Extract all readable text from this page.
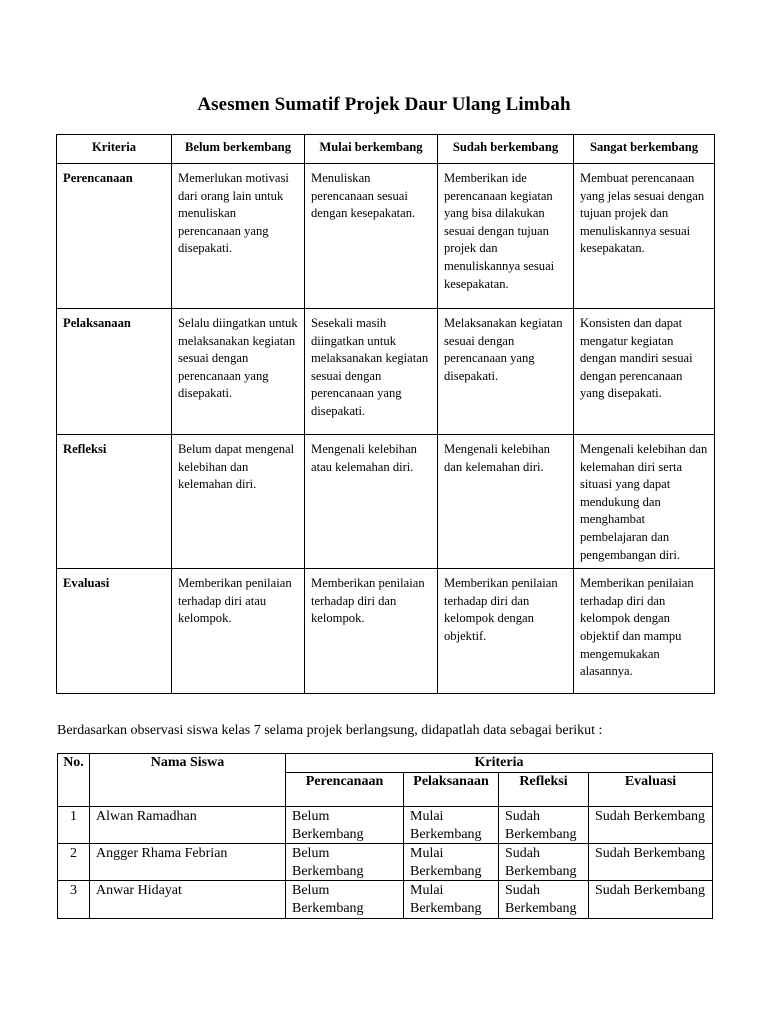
Asesmen Sumatif Projek Daur Ulang Limbah
Kriteria	Belum berkembang	Mulai berkembang	Sudah berkembang	Sangat berkembang
Perencanaan	Memerlukan motivasi dari orang lain untuk menuliskan perencanaan yang disepakati.	Menuliskan perencanaan sesuai dengan kesepakatan.	Memberikan ide perencanaan kegiatan yang bisa dilakukan sesuai dengan tujuan projek dan menuliskannya sesuai kesepakatan.	Membuat perencanaan yang jelas sesuai dengan tujuan projek dan menuliskannya sesuai kesepakatan.
Pelaksanaan	Selalu diingatkan untuk melaksanakan kegiatan sesuai dengan perencanaan yang disepakati.	Sesekali masih diingatkan untuk melaksanakan kegiatan sesuai dengan perencanaan yang disepakati.	Melaksanakan kegiatan sesuai dengan perencanaan yang disepakati.	Konsisten dan dapat mengatur kegiatan dengan mandiri sesuai dengan perencanaan yang disepakati.
Refleksi	Belum dapat mengenal kelebihan dan kelemahan diri.	Mengenali kelebihan atau kelemahan diri.	Mengenali kelebihan dan kelemahan diri.	Mengenali kelebihan dan kelemahan diri serta situasi yang dapat mendukung dan menghambat pembelajaran dan pengembangan diri.
Evaluasi	Memberikan penilaian terhadap diri atau kelompok.	Memberikan penilaian terhadap diri dan kelompok.	Memberikan penilaian terhadap diri dan kelompok dengan objektif.	Memberikan penilaian terhadap diri dan kelompok dengan objektif dan mampu mengemukakan alasannya.
Berdasarkan observasi siswa kelas 7 selama projek berlangsung, didapatlah data sebagai berikut :
No.	Nama Siswa	Kriteria			
		Perencanaan	Pelaksanaan	Refleksi	Evaluasi
1	Alwan Ramadhan	Belum Berkembang	Mulai Berkembang	Sudah Berkembang	Sudah Berkembang
2	Angger Rhama Febrian	Belum Berkembang	Mulai Berkembang	Sudah Berkembang	Sudah Berkembang
3	Anwar Hidayat	Belum Berkembang	Mulai Berkembang	Sudah Berkembang	Sudah Berkembang
